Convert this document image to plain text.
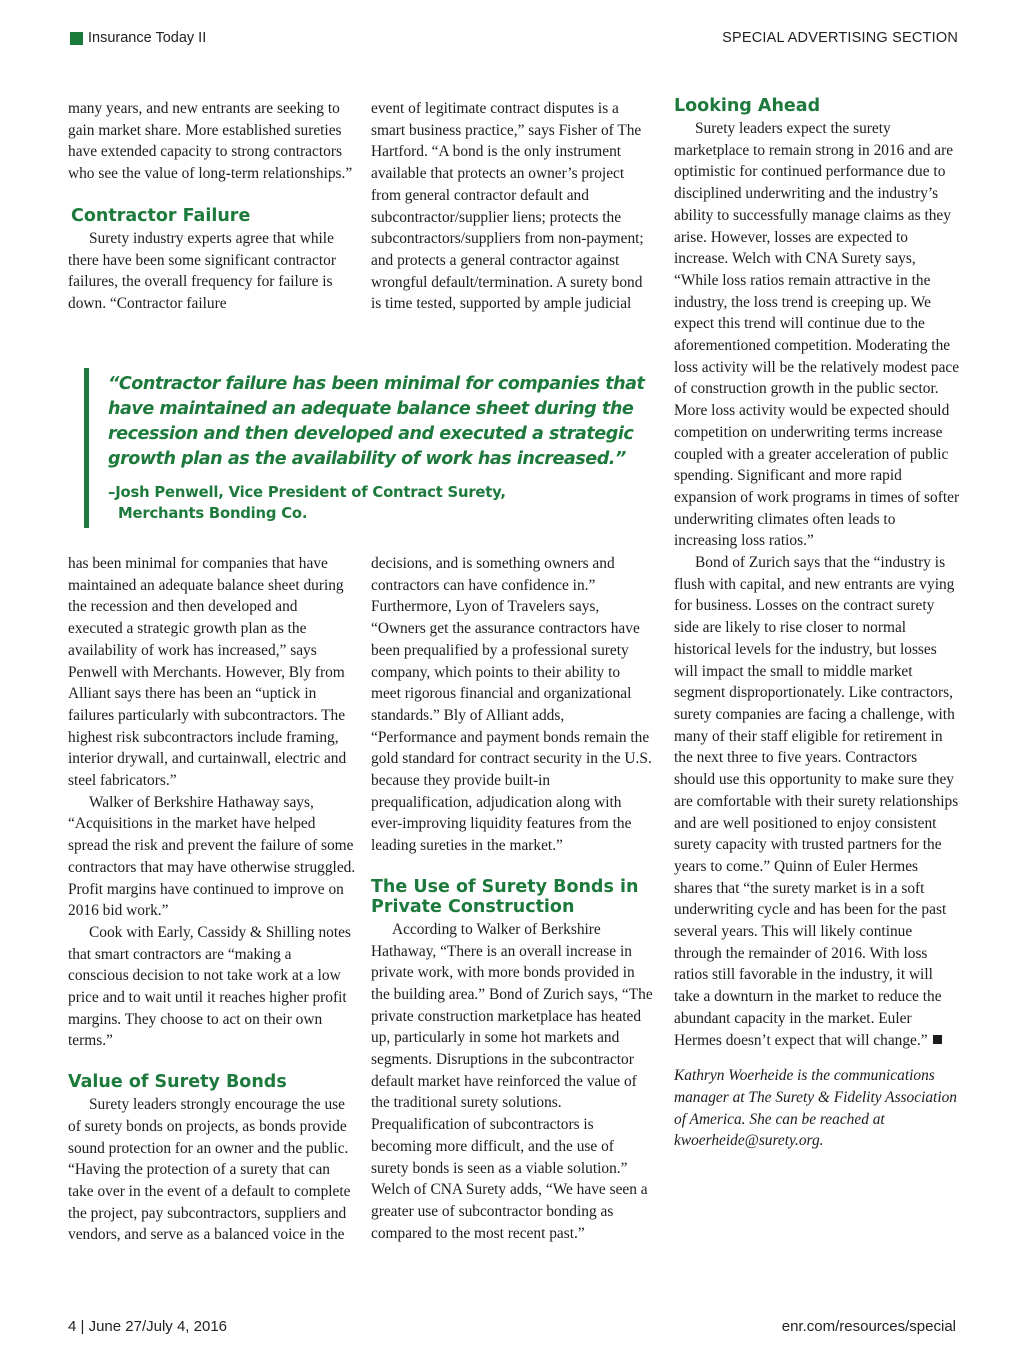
Insurance Today II	SPECIAL ADVERTISING SECTION

many years, and new entrants are seeking to gain market share. More established sureties have extended capacity to strong contractors who see the value of long-term relationships.”

Contractor Failure

Surety industry experts agree that while there have been some significant contractor failures, the overall frequency for failure is down. “Contractor failure

event of legitimate contract disputes is a smart business practice,” says Fisher of The Hartford. “A bond is the only instrument available that protects an owner’s project from general contractor default and subcontractor/supplier liens; protects the subcontractors/suppliers from non-payment; and protects a general contractor against wrongful default/termination. A surety bond is time tested, supported by ample judicial

“Contractor failure has been minimal for companies that have maintained an adequate balance sheet during the recession and then developed and executed a strategic growth plan as the availability of work has increased.”
–Josh Penwell, Vice President of Contract Surety,
Merchants Bonding Co.

has been minimal for companies that have maintained an adequate balance sheet during the recession and then developed and executed a strategic growth plan as the availability of work has increased,” says Penwell with Merchants. However, Bly from Alliant says there has been an “uptick in failures particularly with subcontractors. The highest risk subcontractors include framing, interior drywall, and curtainwall, electric and steel fabricators.”

Walker of Berkshire Hathaway says, “Acquisitions in the market have helped spread the risk and prevent the failure of some contractors that may have otherwise struggled. Profit margins have continued to improve on 2016 bid work.”

Cook with Early, Cassidy & Shilling notes that smart contractors are “making a conscious decision to not take work at a low price and to wait until it reaches higher profit margins. They choose to act on their own terms.”

Value of Surety Bonds

Surety leaders strongly encourage the use of surety bonds on projects, as bonds provide sound protection for an owner and the public. “Having the protection of a surety that can take over in the event of a default to complete the project, pay subcontractors, suppliers and vendors, and serve as a balanced voice in the

decisions, and is something owners and contractors can have confidence in.” Furthermore, Lyon of Travelers says, “Owners get the assurance contractors have been prequalified by a professional surety company, which points to their ability to meet rigorous financial and organizational standards.” Bly of Alliant adds, “Performance and payment bonds remain the gold standard for contract security in the U.S. because they provide built-in prequalification, adjudication along with ever-improving liquidity features from the leading sureties in the market.”

The Use of Surety Bonds in Private Construction

According to Walker of Berkshire Hathaway, “There is an overall increase in private work, with more bonds provided in the building area.” Bond of Zurich says, “The private construction marketplace has heated up, particularly in some hot markets and segments. Disruptions in the subcontractor default market have reinforced the value of the traditional surety solutions. Prequalification of subcontractors is becoming more difficult, and the use of surety bonds is seen as a viable solution.” Welch of CNA Surety adds, “We have seen a greater use of subcontractor bonding as compared to the most recent past.”

Looking Ahead

Surety leaders expect the surety marketplace to remain strong in 2016 and are optimistic for continued performance due to disciplined underwriting and the industry’s ability to successfully manage claims as they arise. However, losses are expected to increase. Welch with CNA Surety says, “While loss ratios remain attractive in the industry, the loss trend is creeping up. We expect this trend will continue due to the aforementioned competition. Moderating the loss activity will be the relatively modest pace of construction growth in the public sector. More loss activity would be expected should competition on underwriting terms increase coupled with a greater acceleration of public spending. Significant and more rapid expansion of work programs in times of softer underwriting climates often leads to increasing loss ratios.”

Bond of Zurich says that the “industry is flush with capital, and new entrants are vying for business. Losses on the contract surety side are likely to rise closer to normal historical levels for the industry, but losses will impact the small to middle market segment disproportionately. Like contractors, surety companies are facing a challenge, with many of their staff eligible for retirement in the next three to five years. Contractors should use this opportunity to make sure they are comfortable with their surety relationships and are well positioned to enjoy consistent surety capacity with trusted partners for the years to come.” Quinn of Euler Hermes shares that “the surety market is in a soft underwriting cycle and has been for the past several years. This will likely continue through the remainder of 2016. With loss ratios still favorable in the industry, it will take a downturn in the market to reduce the abundant capacity in the market. Euler Hermes doesn’t expect that will change.”

Kathryn Woerheide is the communications manager at The Surety & Fidelity Association of America. She can be reached at kwoerheide@surety.org.

4 | June 27/July 4, 2016	enr.com/resources/special
